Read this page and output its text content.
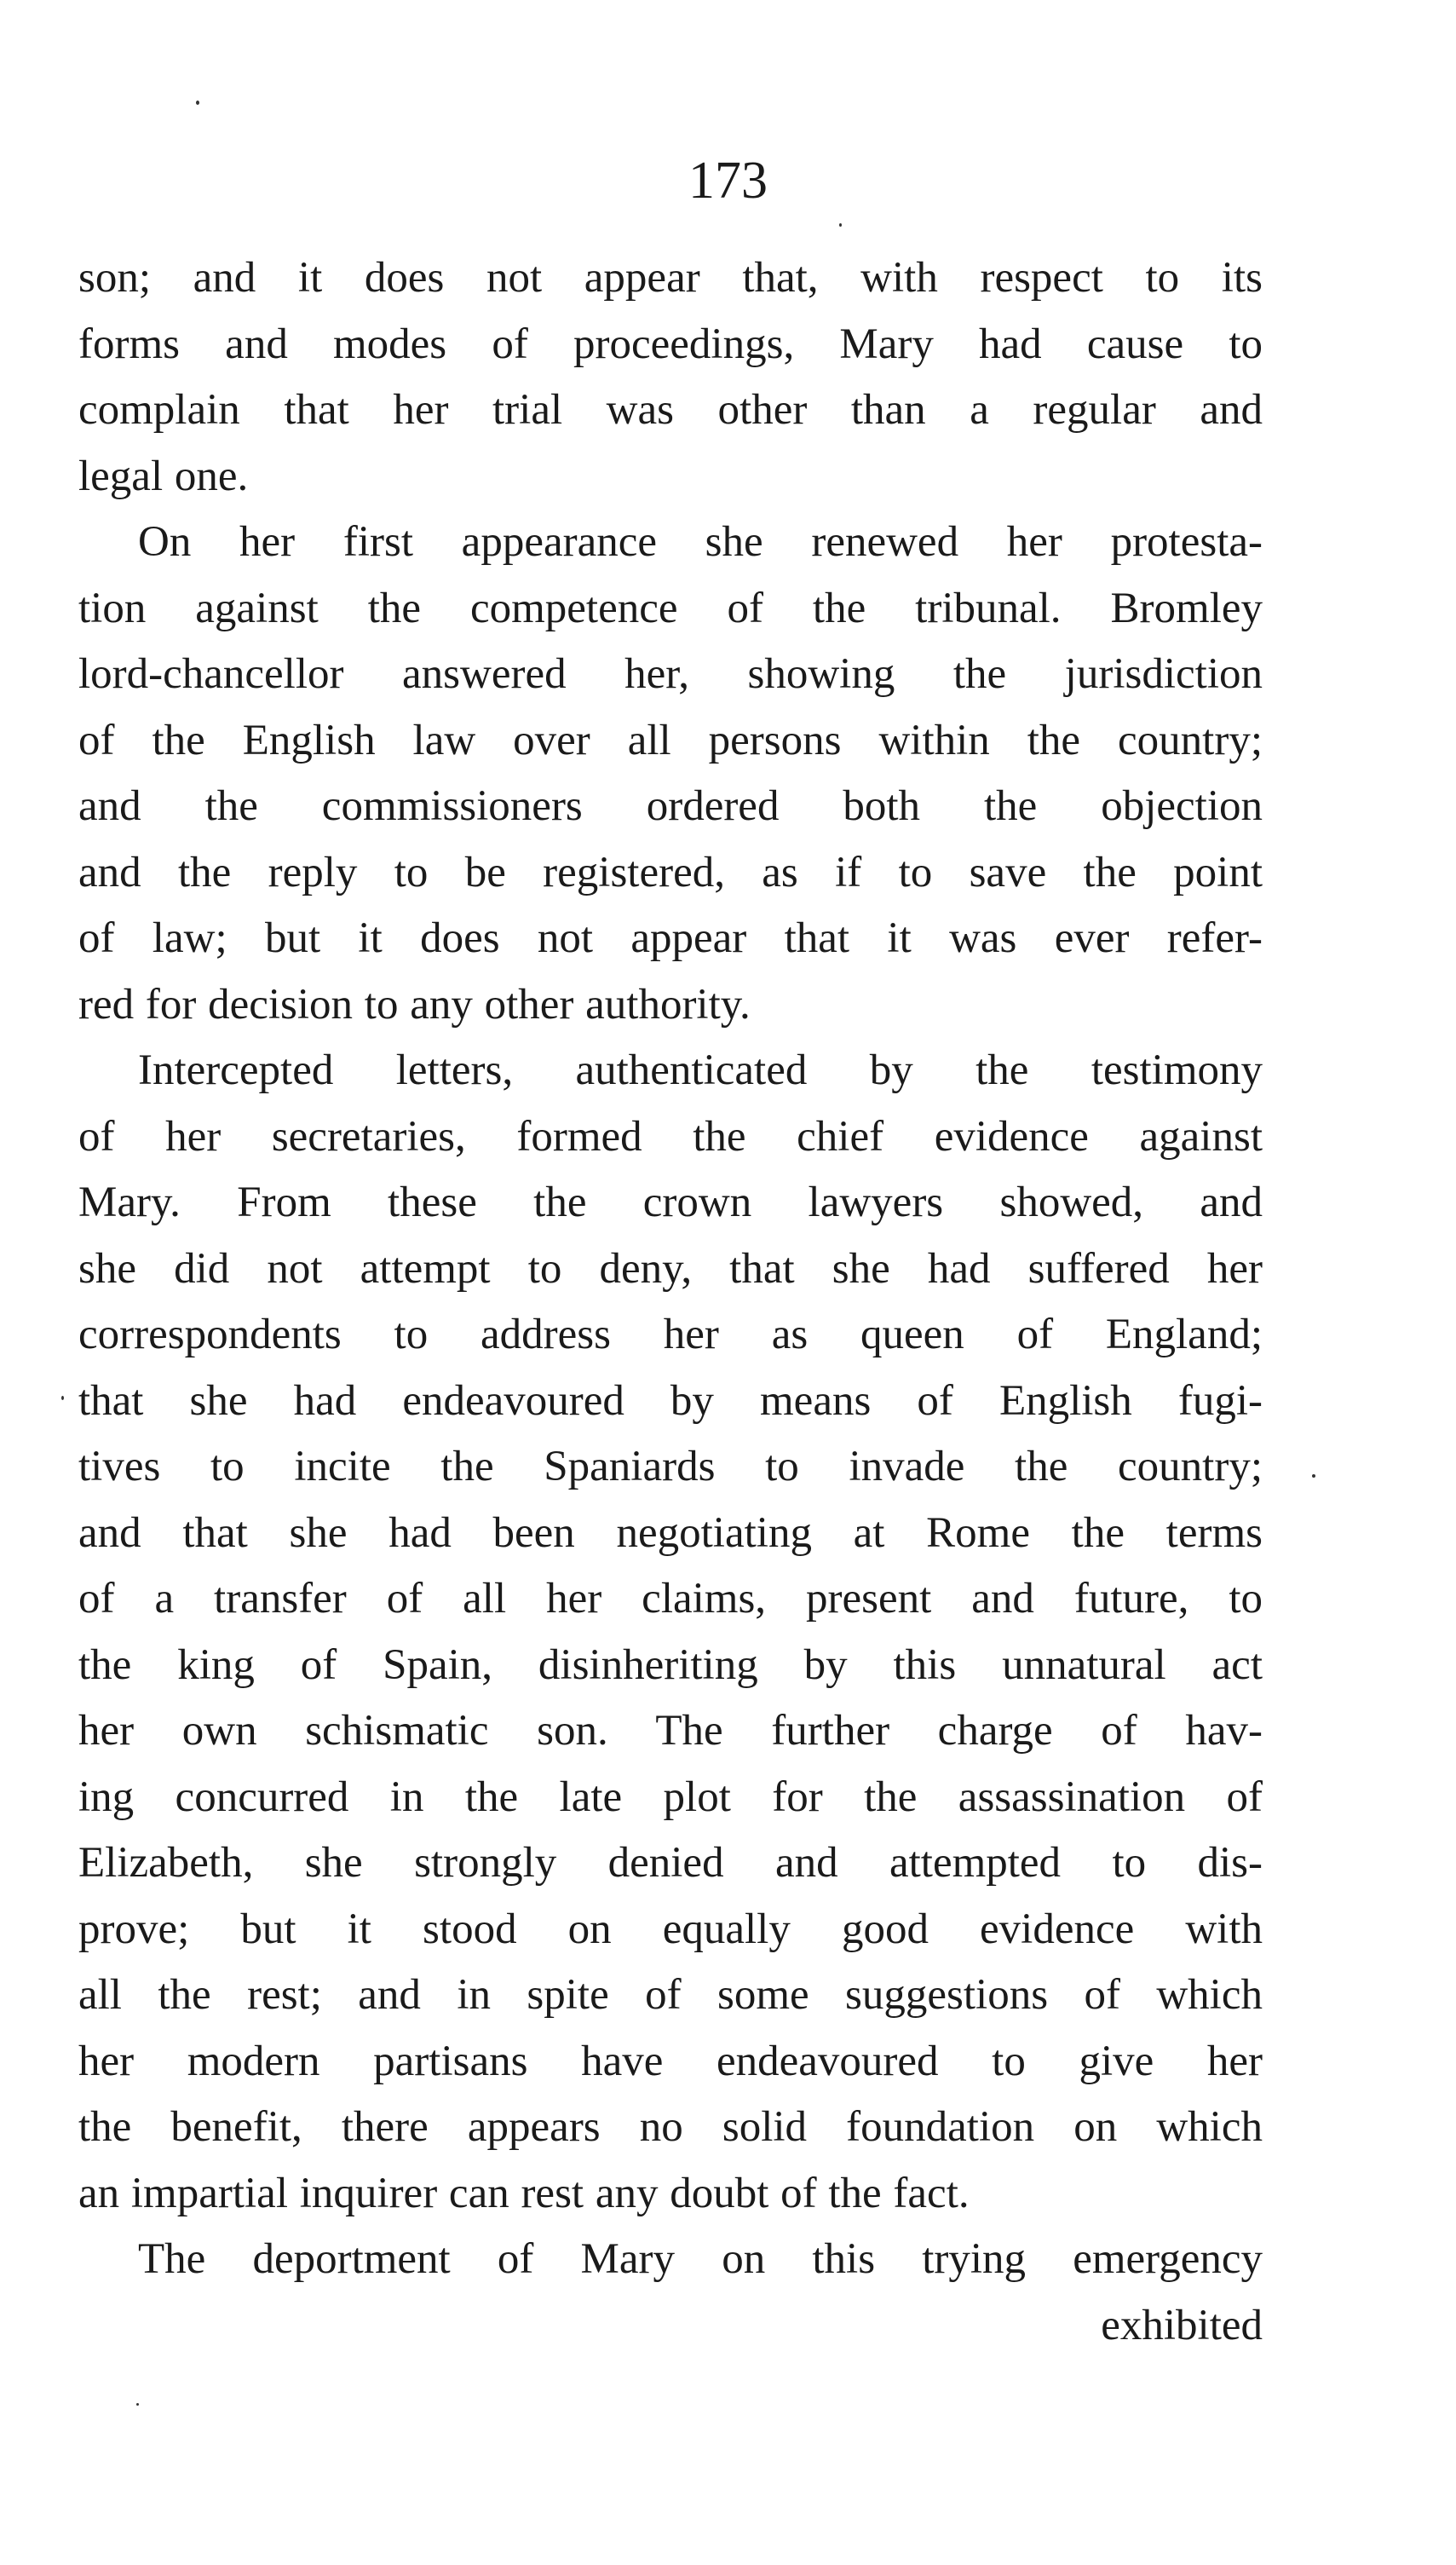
173
son; and it does not appear that, with respect to its
forms and modes of proceedings, Mary had cause to
complain that her trial was other than a regular and
legal one.
On her first appearance she renewed her protesta-
tion against the competence of the tribunal. Bromley
lord-chancellor answered her, showing the jurisdiction
of the English law over all persons within the country;
and the commissioners ordered both the objection
and the reply to be registered, as if to save the point
of law; but it does not appear that it was ever refer-
red for decision to any other authority.
Intercepted letters, authenticated by the testimony
of her secretaries, formed the chief evidence against
Mary. From these the crown lawyers showed, and
she did not attempt to deny, that she had suffered her
correspondents to address her as queen of England;
that she had endeavoured by means of English fugi-
tives to incite the Spaniards to invade the country;
and that she had been negotiating at Rome the terms
of a transfer of all her claims, present and future, to
the king of Spain, disinheriting by this unnatural act
her own schismatic son. The further charge of hav-
ing concurred in the late plot for the assassination of
Elizabeth, she strongly denied and attempted to dis-
prove; but it stood on equally good evidence with
all the rest; and in spite of some suggestions of which
her modern partisans have endeavoured to give her
the benefit, there appears no solid foundation on which
an impartial inquirer can rest any doubt of the fact.
The deportment of Mary on this trying emergency
exhibited
